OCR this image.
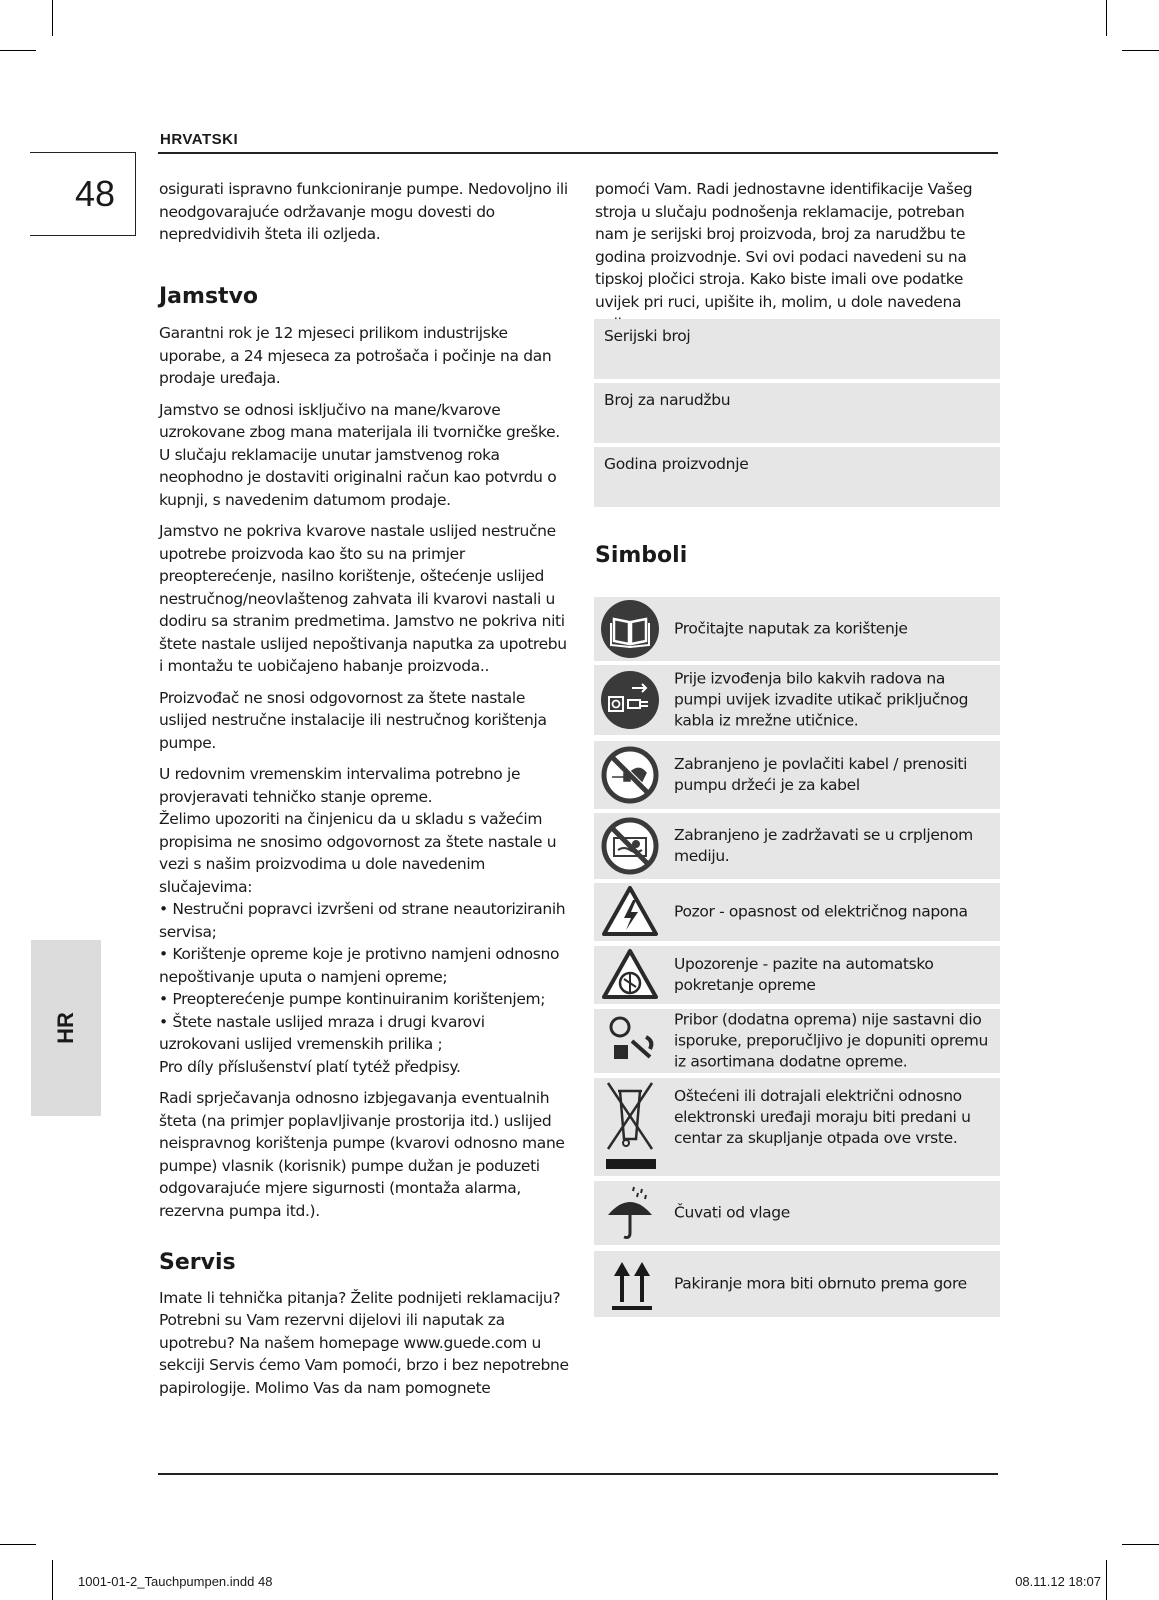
HRVATSKI
48
HR

osigurati ispravno funkcioniranje pumpe. Nedovoljno ili neodgovarajuće održavanje mogu dovesti do nepredvidivih šteta ili ozljeda.

Jamstvo

Garantni rok je 12 mjeseci prilikom industrijske uporabe, a 24 mjeseca za potrošača i počinje na dan prodaje uređaja.

Jamstvo se odnosi isključivo na mane/kvarove uzrokovane zbog mana materijala ili tvorničke greške. U slučaju reklamacije unutar jamstvenog roka neophodno je dostaviti originalni račun kao potvrdu o kupnji, s navedenim datumom prodaje.

Jamstvo ne pokriva kvarove nastale uslijed nestručne upotrebe proizvoda kao što su na primjer preopterećenje, nasilno korištenje, oštećenje uslijed nestručnog/neovlaštenog zahvata ili kvarovi nastali u dodiru sa stranim predmetima. Jamstvo ne pokriva niti štete nastale uslijed nepoštivanja naputka za upotrebu i montažu te uobičajeno habanje proizvoda..

Proizvođač ne snosi odgovornost za štete nastale uslijed nestručne instalacije ili nestručnog korištenja pumpe.

U redovnim vremenskim intervalima potrebno je provjeravati tehničko stanje opreme.

Želimo upozoriti na činjenicu da u skladu s važećim propisima ne snosimo odgovornost za štete nastale u vezi s našim proizvodima u dole navedenim slučajevima:

• Nestručni popravci izvršeni od strane neautoriziranih servisa;
• Korištenje opreme koje je protivno namjeni odnosno nepoštivanje uputa o namjeni opreme;
• Preopterećenje pumpe kontinuiranim korištenjem;
• Štete nastale uslijed mraza i drugi kvarovi uzrokovani uslijed vremenskih prilika ;

Pro díly příslušenství platí tytéž předpisy.

Radi sprječavanja odnosno izbjegavanja eventualnih šteta (na primjer poplavljivanje prostorija itd.) uslijed neispravnog korištenja pumpe (kvarovi odnosno mane pumpe) vlasnik (korisnik) pumpe dužan je poduzeti odgovarajuće mjere sigurnosti (montaža alarma, rezervna pumpa itd.).

Servis

Imate li tehnička pitanja? Želite podnijeti reklamaciju? Potrebni su Vam rezervni dijelovi ili naputak za upotrebu? Na našem homepage www.guede.com u sekciji Servis ćemo Vam pomoći, brzo i bez nepotrebne papirologije. Molimo Vas da nam pomognete

pomoći Vam. Radi jednostavne identifikacije Vašeg stroja u slučaju podnošenja reklamacije, potreban nam je serijski broj proizvoda, broj za narudžbu te godina proizvodnje. Svi ovi podaci navedeni su na tipskoj pločici stroja. Kako biste imali ove podatke uvijek pri ruci, upišite ih, molim, u dole navedena

Serijski broj
Broj za narudžbu
Godina proizvodnje
Simboli
Pročitajte naputak za korištenje
Prije izvođenja bilo kakvih radova na pumpi uvijek izvadite utikač priključnog kabla iz mrežne utičnice.
Zabranjeno je povlačiti kabel / prenositi pumpu držeći je za kabel
Zabranjeno je zadržavati se u crpljenom mediju.
Pozor - opasnost od električnog napona
Upozorenje - pazite na automatsko pokretanje opreme
Pribor (dodatna oprema) nije sastavni dio isporuke, preporučljivo je dopuniti opremu iz asortimana dodatne opreme.
Oštećeni ili dotrajali električni odnosno elektronski uređaji moraju biti predani u centar za skupljanje otpada ove vrste.
Čuvati od vlage
Pakiranje mora biti obrnuto prema gore
1001-01-2_Tauchpumpen.indd 48	08.11.12 18:07
